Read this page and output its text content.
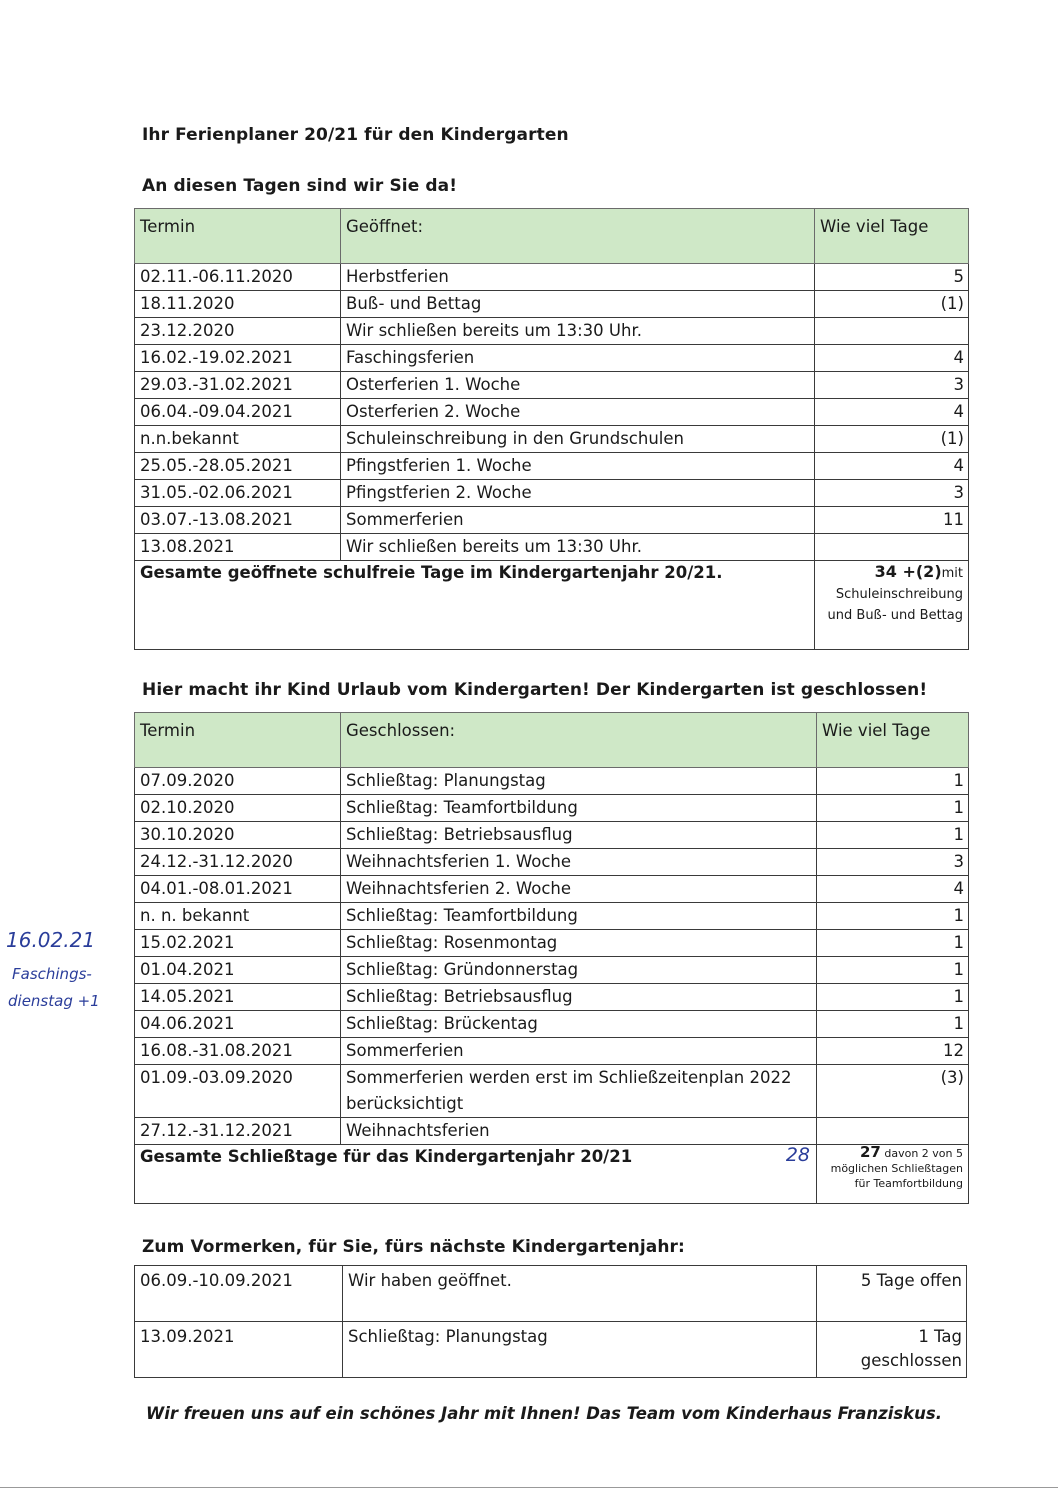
Ihr Ferienplaner 20/21 für den Kindergarten
An diesen Tagen sind wir Sie da!
Termin	Geöffnet:	Wie viel Tage
02.11.-06.11.2020	Herbstferien	5
18.11.2020	Buß- und Bettag	(1)
23.12.2020	Wir schließen bereits um 13:30 Uhr.	
16.02.-19.02.2021	Faschingsferien	4
29.03.-31.02.2021	Osterferien 1. Woche	3
06.04.-09.04.2021	Osterferien 2. Woche	4
n.n.bekannt	Schuleinschreibung in den Grundschulen	(1)
25.05.-28.05.2021	Pfingstferien 1. Woche	4
31.05.-02.06.2021	Pfingstferien 2. Woche	3
03.07.-13.08.2021	Sommerferien	11
13.08.2021	Wir schließen bereits um 13:30 Uhr.	
Gesamte geöffnete schulfreie Tage im Kindergartenjahr 20/21.		34 +(2)mit Schuleinschreibung und Buß- und Bettag
Hier macht ihr Kind Urlaub vom Kindergarten! Der Kindergarten ist geschlossen!
Termin	Geschlossen:	Wie viel Tage
07.09.2020	Schließtag: Planungstag	1
02.10.2020	Schließtag: Teamfortbildung	1
30.10.2020	Schließtag: Betriebsausflug	1
24.12.-31.12.2020	Weihnachtsferien 1. Woche	3
04.01.-08.01.2021	Weihnachtsferien 2. Woche	4
n. n. bekannt	Schließtag: Teamfortbildung	1
15.02.2021	Schließtag: Rosenmontag	1
01.04.2021	Schließtag: Gründonnerstag	1
14.05.2021	Schließtag: Betriebsausflug	1
04.06.2021	Schließtag: Brückentag	1
16.08.-31.08.2021	Sommerferien	12
01.09.-03.09.2020	Sommerferien werden erst im Schließzeitenplan 2022 berücksichtigt	(3)
27.12.-31.12.2021	Weihnachtsferien	
Gesamte Schließtage für das Kindergartenjahr 20/21 28		27 davon 2 von 5 möglichen Schließtagen für Teamfortbildung
16.02.21
Faschings-
dienstag +1
Zum Vormerken, für Sie, fürs nächste Kindergartenjahr:
06.09.-10.09.2021	Wir haben geöffnet.	5 Tage offen
13.09.2021	Schließtag: Planungstag	1 Tag geschlossen
Wir freuen uns auf ein schönes Jahr mit Ihnen! Das Team vom Kinderhaus Franziskus.
